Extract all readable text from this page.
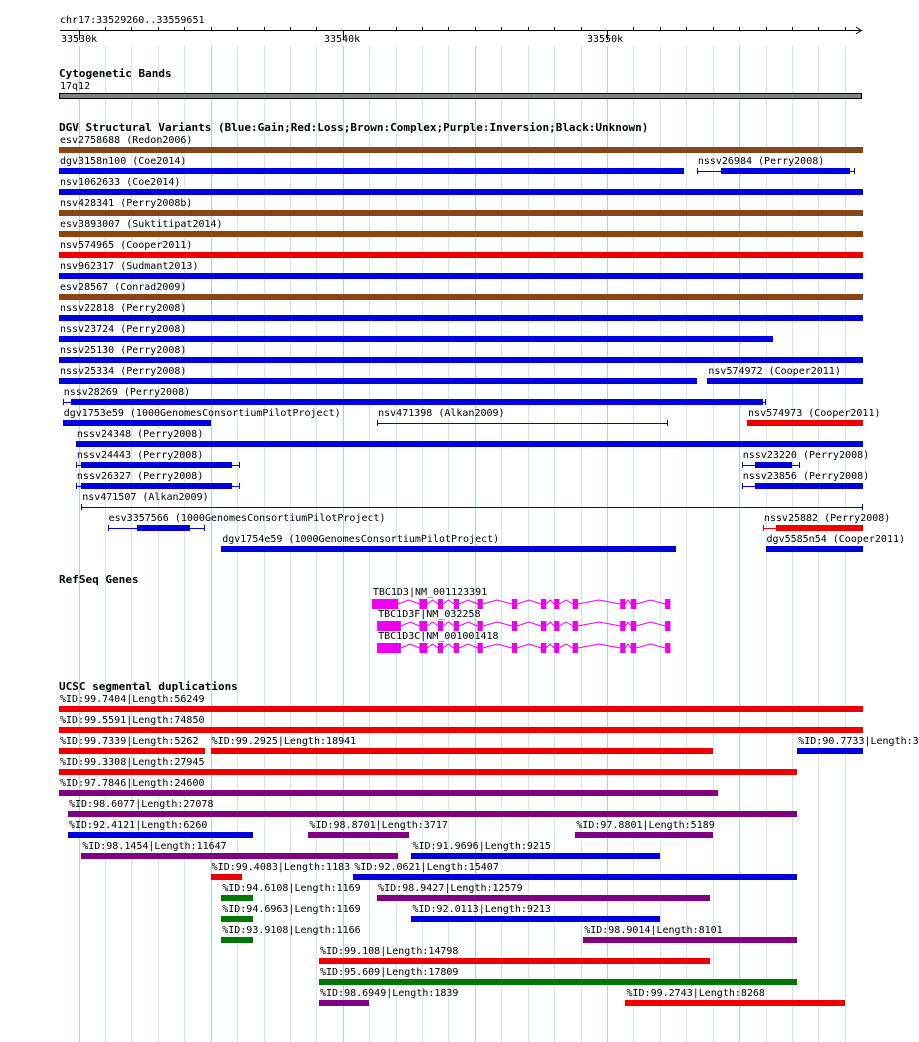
chr17:33529260..33559651
33530k	33540k	33550k
Cytogenetic Bands
17q12
DGV Structural Variants (Blue:Gain;Red:Loss;Brown:Complex;Purple:Inversion;Black:Unknown)
esv2758688 (Redon2006)
dgv3158n100 (Coe2014)	nssv26984 (Perry2008)
nsv1062633 (Coe2014)
nsv428341 (Perry2008b)
esv3893007 (Suktitipat2014)
nsv574965 (Cooper2011)
nsv962317 (Sudmant2013)
esv28567 (Conrad2009)
nssv22818 (Perry2008)
nssv23724 (Perry2008)
nssv25130 (Perry2008)
nssv25334 (Perry2008)	nsv574972 (Cooper2011)
nssv28269 (Perry2008)
dgv1753e59 (1000GenomesConsortiumPilotProject)	nsv471398 (Alkan2009)	nsv574973 (Cooper2011)
nssv24348 (Perry2008)
nssv24443 (Perry2008)	nssv23220 (Perry2008)
nssv26327 (Perry2008)	nssv23856 (Perry2008)
nsv471507 (Alkan2009)
esv3357566 (1000GenomesConsortiumPilotProject)	nssv25882 (Perry2008)
dgv1754e59 (1000GenomesConsortiumPilotProject)	dgv5585n54 (Cooper2011)
RefSeq Genes
TBC1D3|NM_001123391
TBC1D3F|NM_032258
TBC1D3C|NM_001001418
UCSC segmental duplications
%ID:99.7404|Length:56249
%ID:99.5591|Length:74850
%ID:99.7339|Length:5262 %ID:99.2925|Length:18941	%ID:90.7733|Length:3
%ID:99.3308|Length:27945
%ID:97.7846|Length:24600
%ID:98.6077|Length:27078
%ID:92.4121|Length:6260	%ID:98.8701|Length:3717	%ID:97.8801|Length:5189
%ID:98.1454|Length:11647	%ID:91.9696|Length:9215
%ID:99.4083|Length:1183 %ID:92.0621|Length:15407
%ID:94.6108|Length:1169 %ID:98.9427|Length:12579
%ID:94.6963|Length:1169	%ID:92.0113|Length:9213
%ID:93.9108|Length:1166	%ID:98.9014|Length:8101
%ID:99.108|Length:14798
%ID:95.609|Length:17809
%ID:98.6949|Length:1839	%ID:99.2743|Length:8268
